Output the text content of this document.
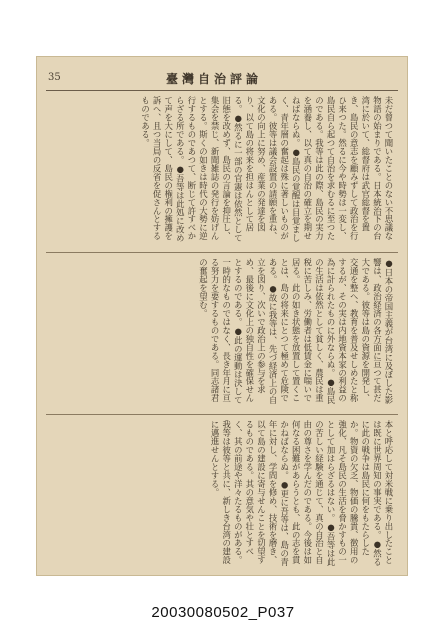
35	臺灣自治評論

未だ曾つて聞いたことのない不思議な物語の始まりである。日本統治下の台湾に於いて、総督府は武官総督を置き、島民の意志を顧みずして政治を行ひ来つた。然るに今や時勢は一変し、島民自ら起つて自治を求むるに至つたのである。我等は此の際、島民の実力を涵養し、以て真の自治の確立を期せねばならぬ。●島民の覚醒は目覚ましく、青年層の奮起は殊に著しいものがある。彼等は議会設置の請願を重ね、文化の向上に努め、産業の発達を図り、以て島の将来を担はんとして居る。●然るに一部の官憲は依然として旧態を改めず、島民の言論を抑圧し、集会を禁じ、新聞雑誌の発行を妨げんとする。斯くの如きは時代の大勢に逆行するものであつて、断じて許すべからざる所である。●吾等は此処に改めて声を大にして、島民の権利の擁護を訴へ、且つ当局の反省を促さんとするものである。

●日本の帝国主義が台湾に及ぼした影響は、政治経済の各方面に亘つて甚だ大である。彼等は島の資源を開発し、交通を整へ、教育を普及せしめたと称するが、その実は内地資本家の利益の為に計られたものに外ならぬ。●島民の生活は依然として貧しく、農民は重税に苦しみ、労働者は低賃金に喘いで居る。此の如き状態を放置して置くことは、島の将来にとつて極めて危険である。●故に我等は、先づ経済上の自立を図り、次いで政治上の参与を求め、最後に文化上の独自性を確保せんとするのである。●此の運動は決して一時的なものではなく、長き年月に亘る努力を要するものである。同志諸君の奮起を望む。

本と呼応して対米戦に乗り出したことは既に世界周知の事実である。●然るに此の戦争は島民に何をもたらしたか。物資の欠乏、物価の騰貴、徴用の強化、凡そ島民の生活を脅かすもの一として加はらざるはない。●吾等は此の苦しい経験を通じて、真の自治と自由の尊さを学んだのである。今後は如何なる困難があらうとも、此の志を貫かねばならぬ。●更に吾等は、島の青年に対し、学問を修め、技術を磨き、以て島の建設に寄与せんことを切望するものである。其の意気や壮とすべく、其の前途や洋々たるものがある。我等は彼等と共に、新しき台湾の建設に邁進せんとする。

20030080502_P037
